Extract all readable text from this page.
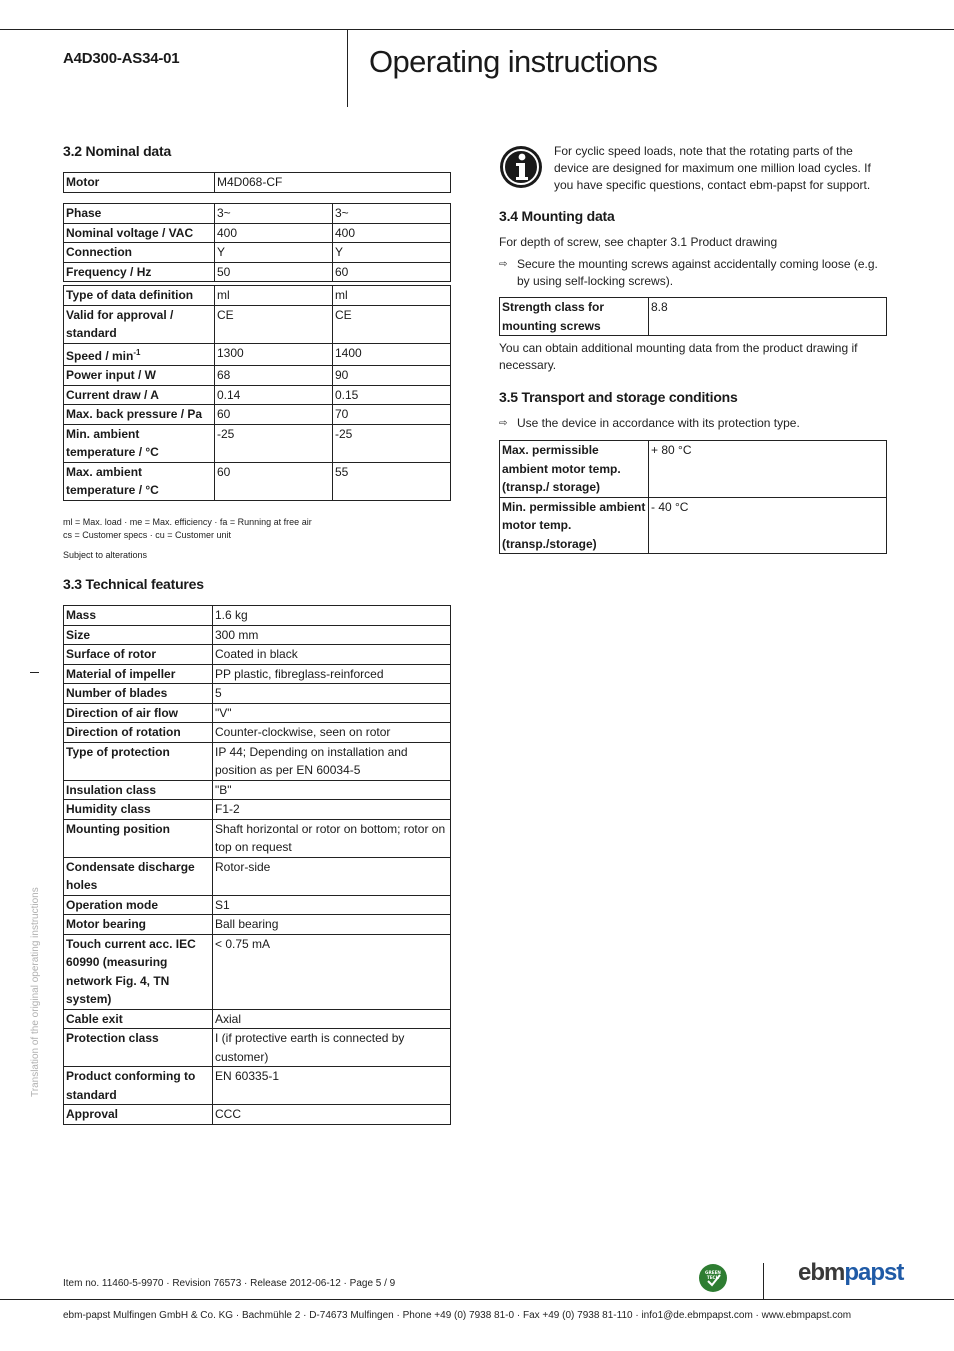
A4D300-AS34-01	Operating instructions
Translation of the original operating instructions
3.2 Nominal data
Motor	M4D068-CF
Phase	3~	3~
Nominal voltage / VAC	400	400
Connection	Y	Y
Frequency / Hz	50	60
Type of data definition	ml	ml
Valid for approval / standard	CE	CE
Speed / $\min^{-1}$	1300	1400
Power input / W	68	90
Current draw / A	0.14	0.15
Max. back pressure / Pa	60	70
Min. ambient temperature / °C	-25	-25
Max. ambient temperature / °C	60	55
ml = Max. load · me = Max. efficiency · fa = Running at free air
cs = Customer specs · cu = Customer unit
Subject to alterations
3.3 Technical features
Mass	1.6 kg
Size	300 mm
Surface of rotor	Coated in black
Material of impeller	PP plastic, fibreglass-reinforced
Number of blades	5
Direction of air flow	"V"
Direction of rotation	Counter-clockwise, seen on rotor
Type of protection	IP 44; Depending on installation and position as per EN 60034-5
Insulation class	"B"
Humidity class	F1-2
Mounting position	Shaft horizontal or rotor on bottom; rotor on top on request
Condensate discharge holes	Rotor-side
Operation mode	S1
Motor bearing	Ball bearing
Touch current acc. IEC 60990 (measuring network Fig. 4, TN system)	< 0.75 mA
Cable exit	Axial
Protection class	I (if protective earth is connected by customer)
Product conforming to standard	EN 60335-1
Approval	CCC
For cyclic speed loads, note that the rotating parts of the device are designed for maximum one million load cycles. If you have specific questions, contact ebm-papst for support.
3.4 Mounting data
For depth of screw, see chapter 3.1 Product drawing
⇨ Secure the mounting screws against accidentally coming loose (e.g. by using self-locking screws).
Strength class for mounting screws	8.8
You can obtain additional mounting data from the product drawing if necessary.
3.5 Transport and storage conditions
⇨ Use the device in accordance with its protection type.
Max. permissible ambient motor temp. (transp./ storage)	+ 80 °C
Min. permissible ambient motor temp. (transp./storage)	- 40 °C
Item no. 11460-5-9970 · Revision 76573 · Release 2012-06-12 · Page 5 / 9
GREEN
TECH	ebmpapst
ebm-papst Mulfingen GmbH & Co. KG · Bachmühle 2 · D-74673 Mulfingen · Phone +49 (0) 7938 81-0 · Fax +49 (0) 7938 81-110 · info1@de.ebmpapst.com · www.ebmpapst.com
